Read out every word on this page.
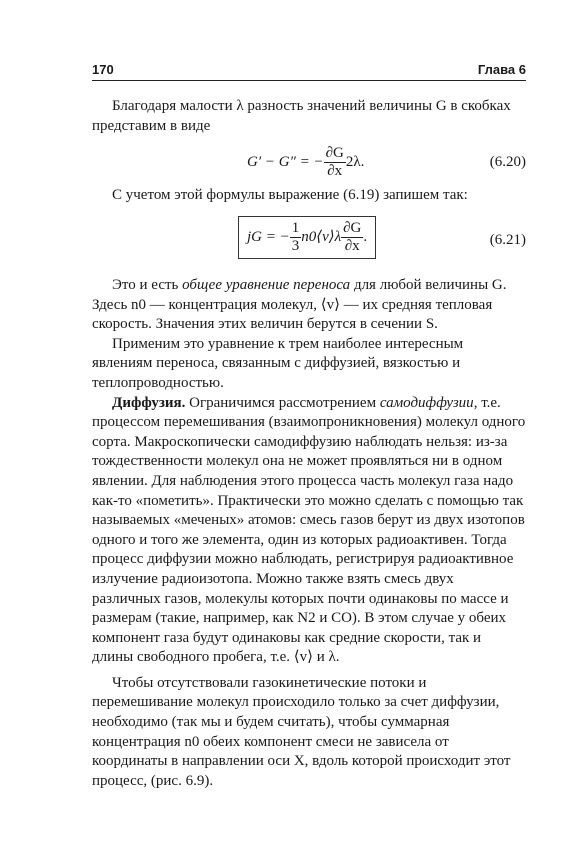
170	Глава 6

Благодаря малости λ разность значений величины G в скобках представим в виде

G′ − G″ = − $\frac{\partial G}{\partial x} 2\lambda$.	(6.20)

С учетом этой формулы выражение (6.19) запишем так:

jG = − $\frac{1}{3}$ n0⟨v⟩λ $\frac{\partial G}{\partial x}$ .	(6.21)

Это и есть общее уравнение переноса для любой величины G. Здесь n0 — концентрация молекул, ⟨v⟩ — их средняя тепловая скорость. Значения этих величин берутся в сечении S.

Применим это уравнение к трем наиболее интересным явлениям переноса, связанным с диффузией, вязкостью и теплопроводностью.

Диффузия. Ограничимся рассмотрением самодиффузии, т.е. процессом перемешивания (взаимопроникновения) молекул одного сорта. Макроскопически самодиффузию наблюдать нельзя: из-за тождественности молекул она не может проявляться ни в одном явлении. Для наблюдения этого процесса часть молекул газа надо как-то «пометить». Практически это можно сделать с помощью так называемых «меченых» атомов: смесь газов берут из двух изотопов одного и того же элемента, один из которых радиоактивен. Тогда процесс диффузии можно наблюдать, регистрируя радиоактивное излучение радиоизотопа. Можно также взять смесь двух различных газов, молекулы которых почти одинаковы по массе и размерам (такие, например, как N2 и CO). В этом случае у обеих компонент газа будут одинаковы как средние скорости, так и длины свободного пробега, т.е. ⟨v⟩ и λ.

Чтобы отсутствовали газокинетические потоки и перемешивание молекул происходило только за счет диффузии, необходимо (так мы и будем считать), чтобы суммарная концентрация n0 обеих компонент смеси не зависела от координаты в направлении оси X, вдоль которой происходит этот процесс, (рис. 6.9).
